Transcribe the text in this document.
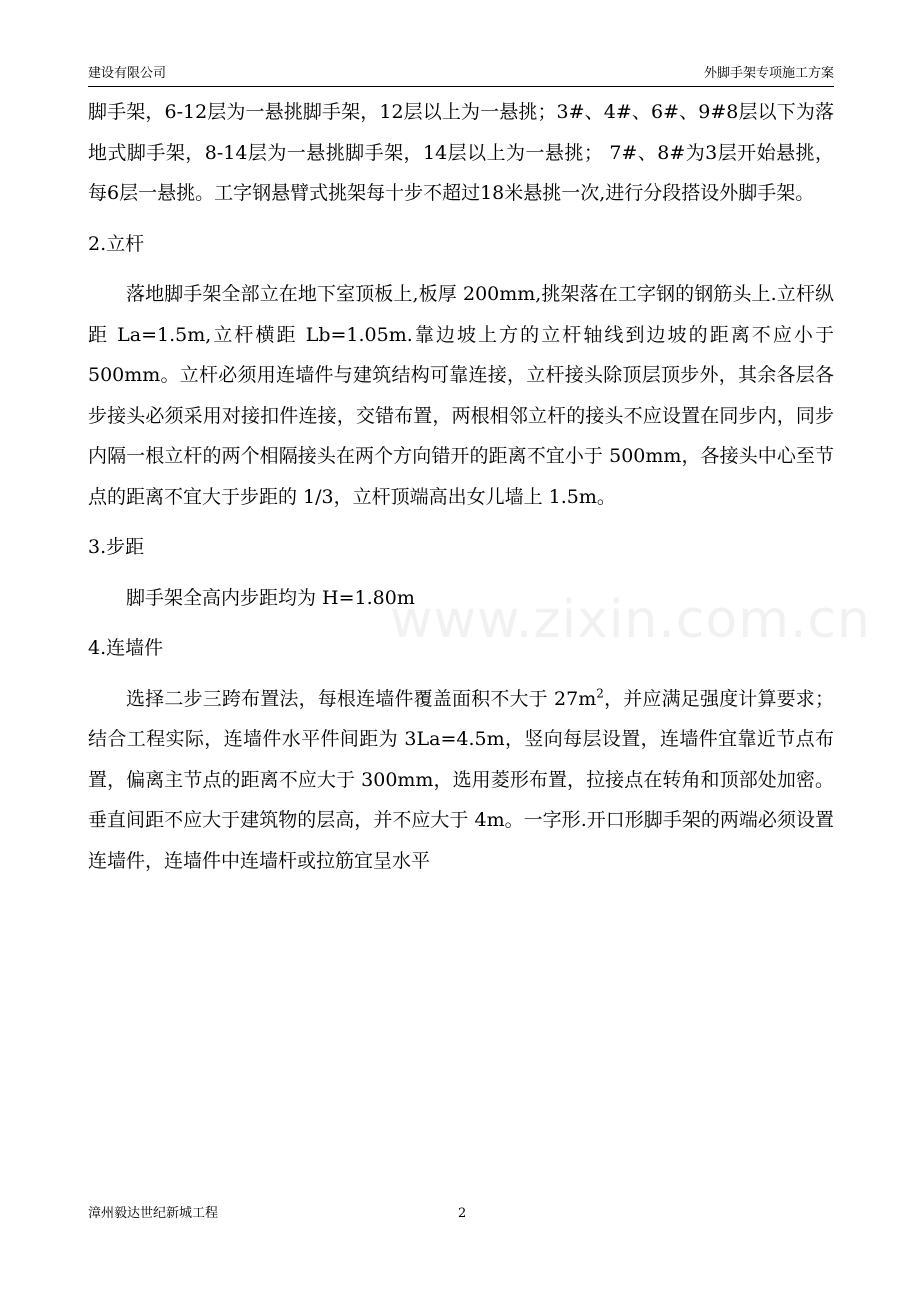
建设有限公司	外脚手架专项施工方案
www.zixin.com.cn

脚手架，6-12层为一悬挑脚手架，12层以上为一悬挑；3#、4#、6#、9#8层以下为落地式脚手架，8-14层为一悬挑脚手架，14层以上为一悬挑； 7#、8#为3层开始悬挑，每6层一悬挑。工字钢悬臂式挑架每十步不超过18米悬挑一次,进行分段搭设外脚手架。

2.立杆

落地脚手架全部立在地下室顶板上,板厚 200mm,挑架落在工字钢的钢筋头上.立杆纵距 La=1.5m,立杆横距 Lb=1.05m.靠边坡上方的立杆轴线到边坡的距离不应小于 500mm。立杆必须用连墙件与建筑结构可靠连接，立杆接头除顶层顶步外，其余各层各步接头必须采用对接扣件连接，交错布置，两根相邻立杆的接头不应设置在同步内，同步内隔一根立杆的两个相隔接头在两个方向错开的距离不宜小于 500mm，各接头中心至节点的距离不宜大于步距的 1/3，立杆顶端高出女儿墙上 1.5m。

3.步距

脚手架全高内步距均为 H=1.80m

4.连墙件

选择二步三跨布置法，每根连墙件覆盖面积不大于 $27m^2$，并应满足强度计算要求；结合工程实际，连墙件水平件间距为 3La=4.5m，竖向每层设置，连墙件宜靠近节点布置，偏离主节点的距离不应大于 300mm，选用菱形布置，拉接点在转角和顶部处加密。垂直间距不应大于建筑物的层高，并不应大于 4m。一字形.开口形脚手架的两端必须设置连墙件，连墙件中连墙杆或拉筋宜呈水平

漳州毅达世纪新城工程	2
